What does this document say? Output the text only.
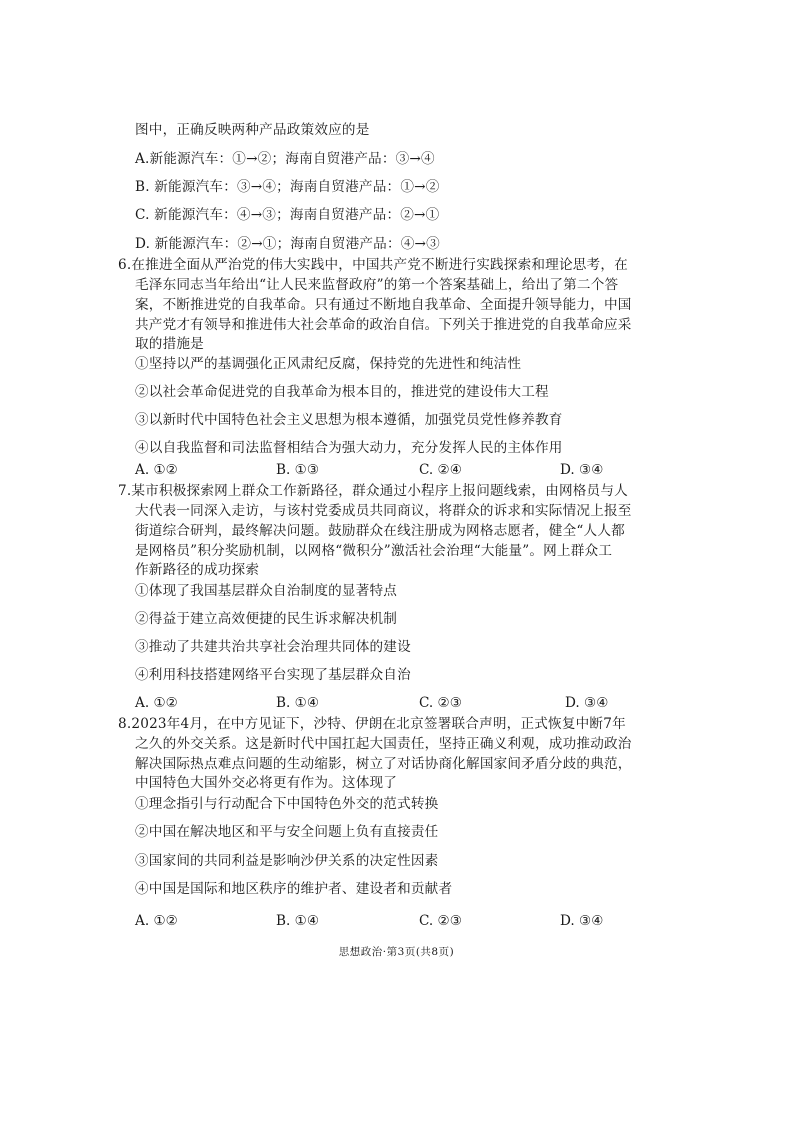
图中，正确反映两种产品政策效应的是
A.新能源汽车：①→②；海南自贸港产品：③→④
B. 新能源汽车：③→④；海南自贸港产品：①→②
C. 新能源汽车：④→③；海南自贸港产品：②→①
D. 新能源汽车：②→①；海南自贸港产品：④→③
6.在推进全面从严治党的伟大实践中，中国共产党不断进行实践探索和理论思考，在
毛泽东同志当年给出“让人民来监督政府”的第一个答案基础上，给出了第二个答
案，不断推进党的自我革命。只有通过不断地自我革命、全面提升领导能力，中国
共产党才有领导和推进伟大社会革命的政治自信。下列关于推进党的自我革命应采
取的措施是
①坚持以严的基调强化正风肃纪反腐，保持党的先进性和纯洁性
②以社会革命促进党的自我革命为根本目的，推进党的建设伟大工程
③以新时代中国特色社会主义思想为根本遵循，加强党员党性修养教育
④以自我监督和司法监督相结合为强大动力，充分发挥人民的主体作用
A. ①②	B. ①③	C. ②④	D. ③④
7.某市积极探索网上群众工作新路径，群众通过小程序上报问题线索，由网格员与人
大代表一同深入走访，与该村党委成员共同商议，将群众的诉求和实际情况上报至
街道综合研判，最终解决问题。鼓励群众在线注册成为网格志愿者，健全“人人都
是网格员”积分奖励机制，以网格“微积分”激活社会治理“大能量”。网上群众工
作新路径的成功探索
①体现了我国基层群众自治制度的显著特点
②得益于建立高效便捷的民生诉求解决机制
③推动了共建共治共享社会治理共同体的建设
④利用科技搭建网络平台实现了基层群众自治
A. ①②	B. ①④	C. ②③	D. ③④
8.2023年4月，在中方见证下，沙特、伊朗在北京签署联合声明，正式恢复中断7年
之久的外交关系。这是新时代中国扛起大国责任，坚持正确义利观，成功推动政治
解决国际热点难点问题的生动缩影，树立了对话协商化解国家间矛盾分歧的典范，
中国特色大国外交必将更有作为。这体现了
①理念指引与行动配合下中国特色外交的范式转换
②中国在解决地区和平与安全问题上负有直接责任
③国家间的共同利益是影响沙伊关系的决定性因素
④中国是国际和地区秩序的维护者、建设者和贡献者
A. ①②	B. ①④	C. ②③	D. ③④
思想政治·第3页(共8页)
